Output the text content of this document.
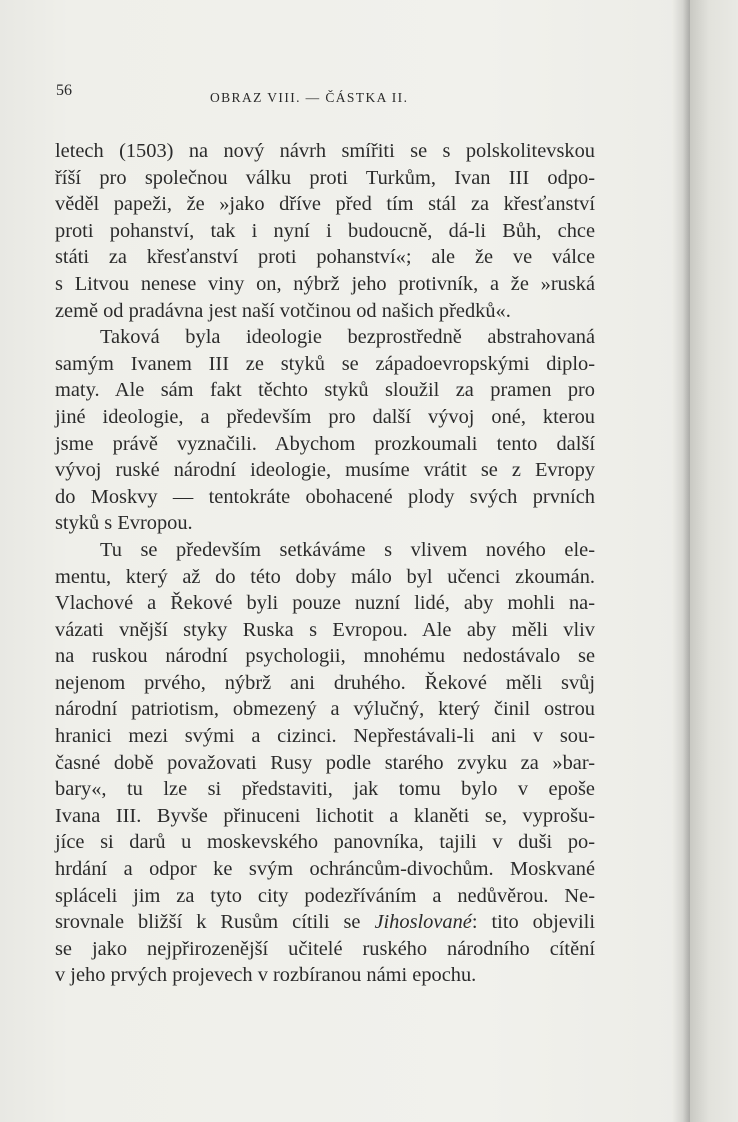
56	OBRAZ VIII. — ČÁSTKA II.
letech (1503) na nový návrh smířiti se s polskolitevskou
říší pro společnou válku proti Turkům, Ivan III odpo-
věděl papeži, že »jako dříve před tím stál za křesťanství
proti pohanství, tak i nyní i budoucně, dá-li Bůh, chce
státi za křesťanství proti pohanství«; ale že ve válce
s Litvou nenese viny on, nýbrž jeho protivník, a že »ruská
země od pradávna jest naší votčinou od našich předků«.
Taková byla ideologie bezprostředně abstrahovaná
samým Ivanem III ze styků se západoevropskými diplo-
maty. Ale sám fakt těchto styků sloužil za pramen pro
jiné ideologie, a především pro další vývoj oné, kterou
jsme právě vyznačili. Abychom prozkoumali tento další
vývoj ruské národní ideologie, musíme vrátit se z Evropy
do Moskvy — tentokráte obohacené plody svých prvních
styků s Evropou.
Tu se především setkáváme s vlivem nového ele-
mentu, který až do této doby málo byl učenci zkoumán.
Vlachové a Řekové byli pouze nuzní lidé, aby mohli na-
vázati vnější styky Ruska s Evropou. Ale aby měli vliv
na ruskou národní psychologii, mnohému nedostávalo se
nejenom prvého, nýbrž ani druhého. Řekové měli svůj
národní patriotism, obmezený a výlučný, který činil ostrou
hranici mezi svými a cizinci. Nepřestávali-li ani v sou-
časné době považovati Rusy podle starého zvyku za »bar-
bary«, tu lze si představiti, jak tomu bylo v epoše
Ivana III. Byvše přinuceni lichotit a klaněti se, vyprošu-
jíce si darů u moskevského panovníka, tajili v duši po-
hrdání a odpor ke svým ochráncům-divochům. Moskvané
spláceli jim za tyto city podezříváním a nedůvěrou. Ne-
srovnale bližší k Rusům cítili se Jihoslované: tito objevili
se jako nejpřirozenější učitelé ruského národního cítění
v jeho prvých projevech v rozbíranou námi epochu.
